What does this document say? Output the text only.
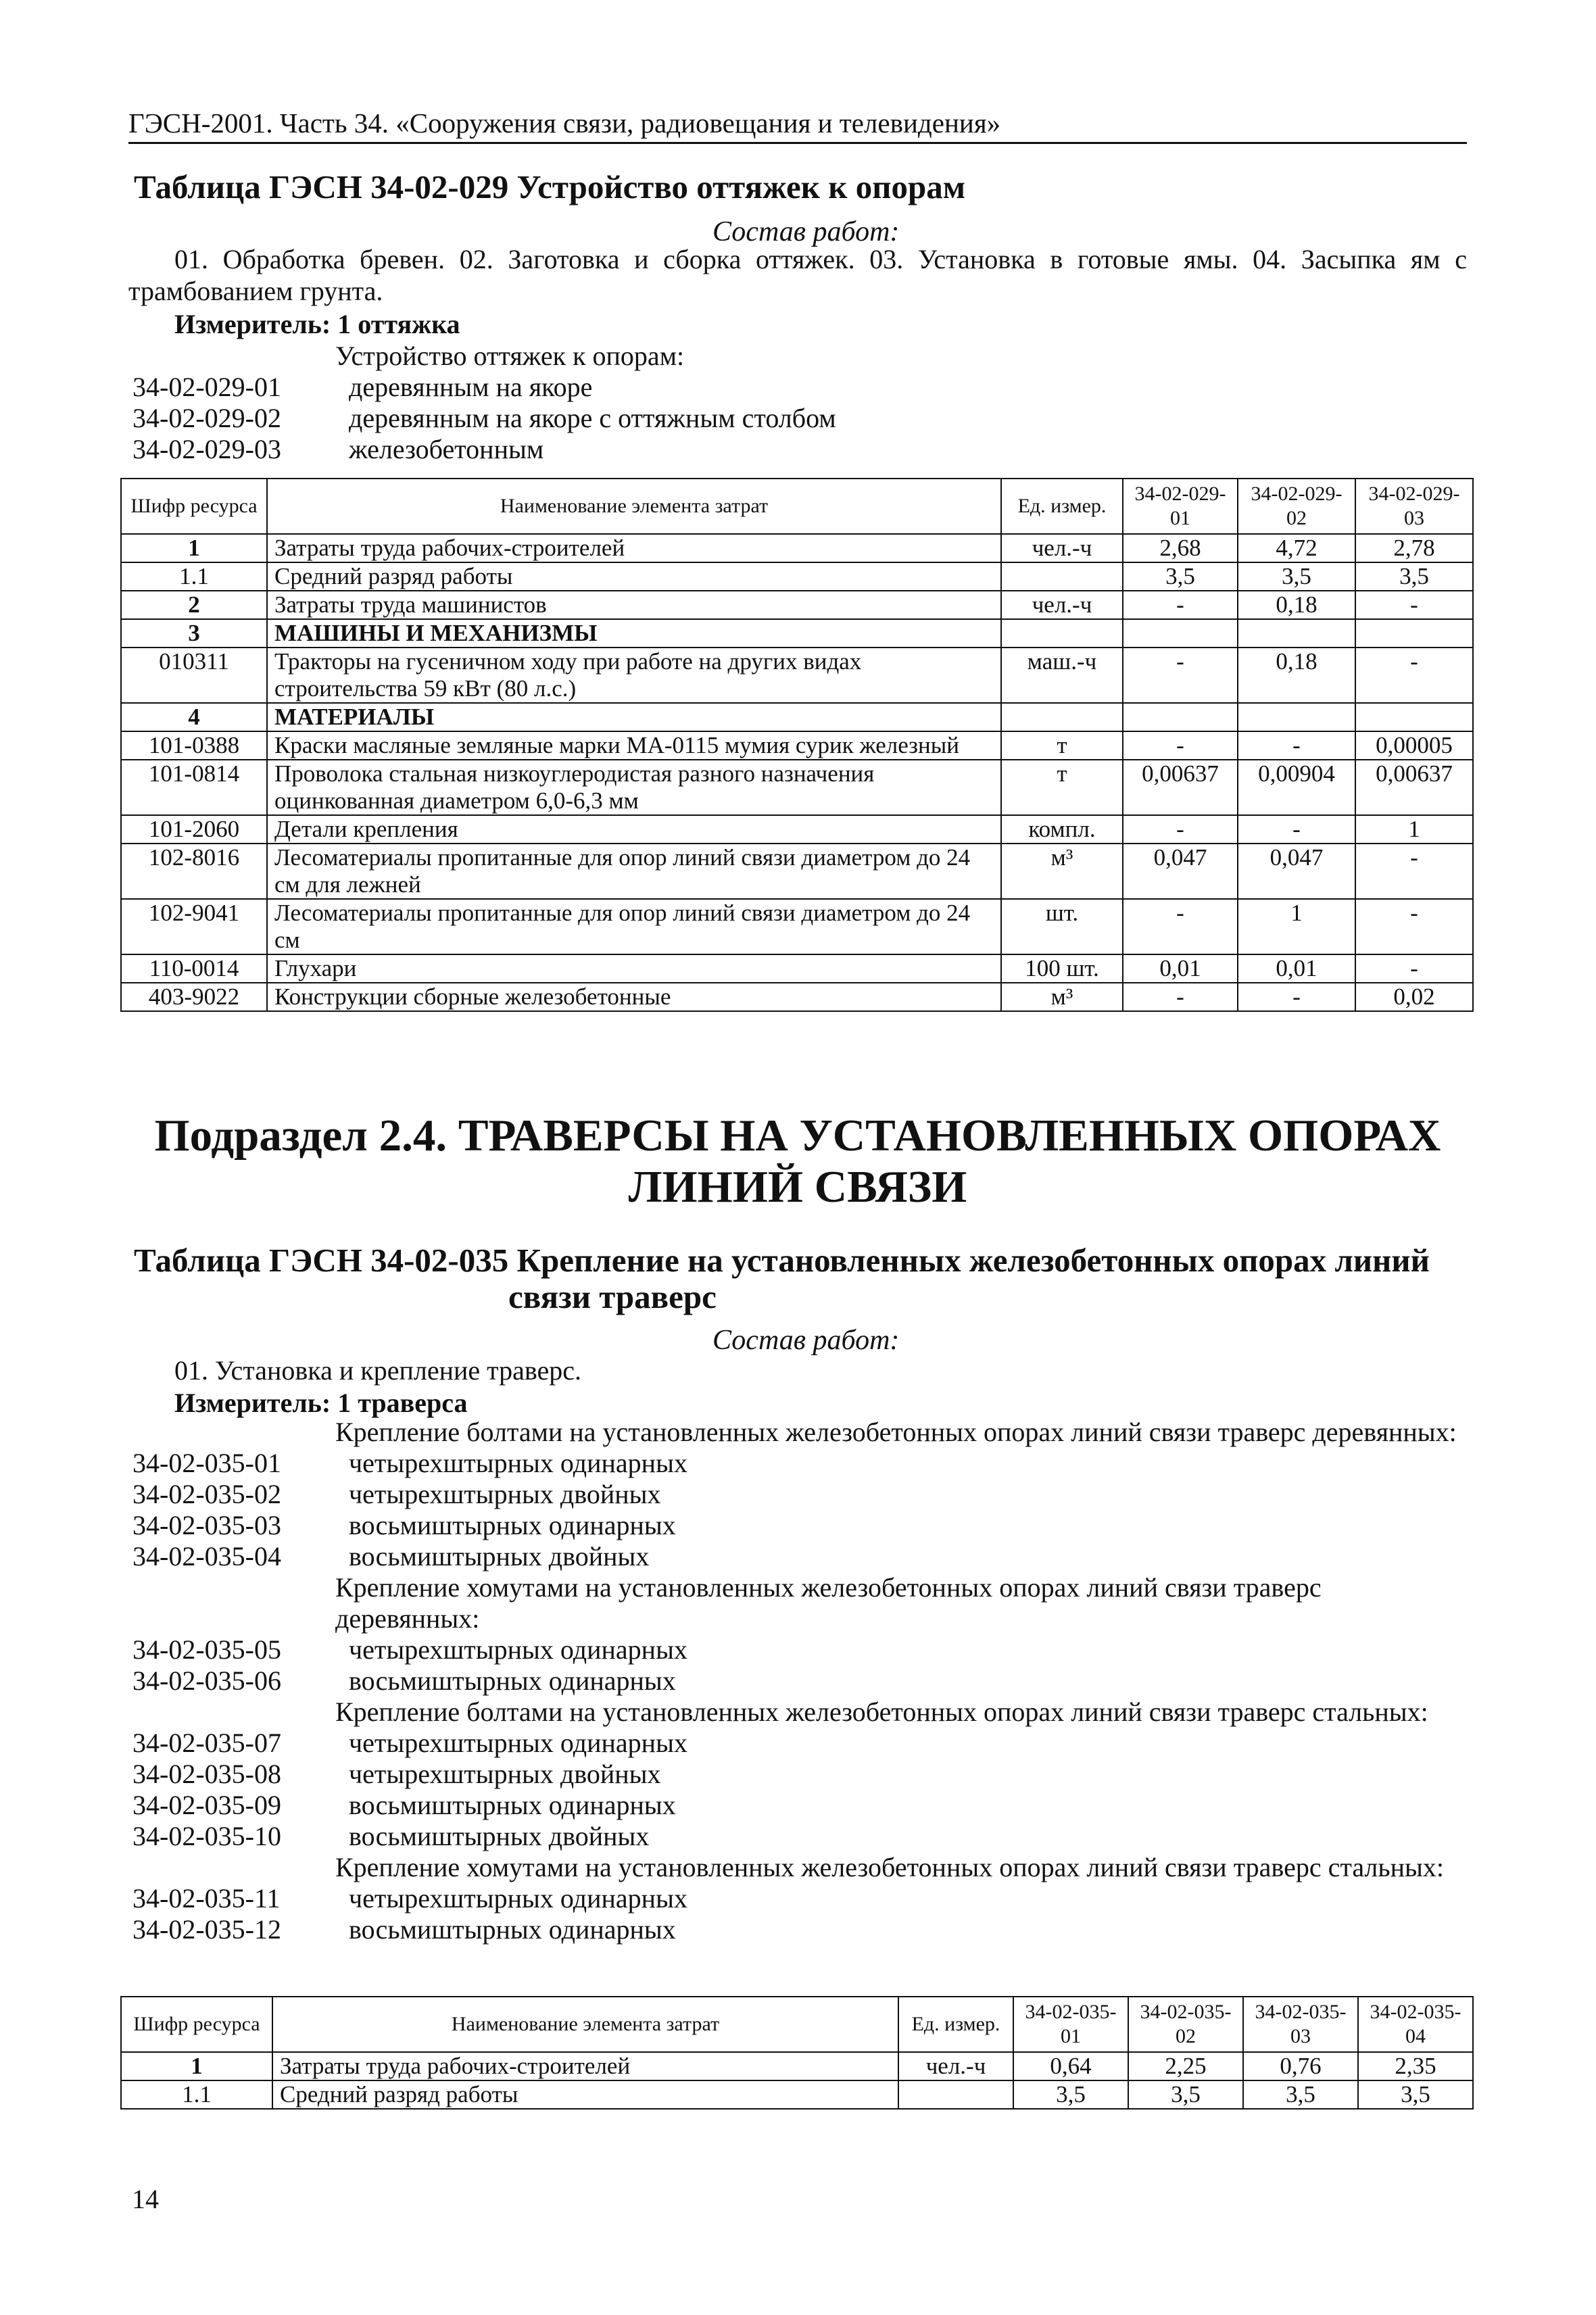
ГЭСН-2001. Часть 34. «Сооружения связи, радиовещания и телевидения»
Таблица ГЭСН 34-02-029 Устройство оттяжек к опорам
Состав работ:
01. Обработка бревен. 02. Заготовка и сборка оттяжек. 03. Установка в готовые ямы. 04. Засыпка ям с трамбованием грунта.
Измеритель: 1 оттяжка
Устройство оттяжек к опорам:
34-02-029-01	деревянным на якоре
34-02-029-02	деревянным на якоре с оттяжным столбом
34-02-029-03	железобетонным
Шифр ресурса	Наименование элемента затрат	Ед. измер.	34-02-029-01	34-02-029-02	34-02-029-03
1	Затраты труда рабочих-строителей	чел.-ч	2,68	4,72	2,78
1.1	Средний разряд работы		3,5	3,5	3,5
2	Затраты труда машинистов	чел.-ч	-	0,18	-
3	МАШИНЫ И МЕХАНИЗМЫ				
010311	Тракторы на гусеничном ходу при работе на других видах строительства 59 кВт (80 л.с.)	маш.-ч	-	0,18	-
4	МАТЕРИАЛЫ				
101-0388	Краски масляные земляные марки МА-0115 мумия сурик железный	т	-	-	0,00005
101-0814	Проволока стальная низкоуглеродистая разного назначения оцинкованная диаметром 6,0-6,3 мм	т	0,00637	0,00904	0,00637
101-2060	Детали крепления	компл.	-	-	1
102-8016	Лесоматериалы пропитанные для опор линий связи диаметром до 24 см для лежней	м³	0,047	0,047	-
102-9041	Лесоматериалы пропитанные для опор линий связи диаметром до 24 см	шт.	-	1	-
110-0014	Глухари	100 шт.	0,01	0,01	-
403-9022	Конструкции сборные железобетонные	м³	-	-	0,02
Подраздел 2.4. ТРАВЕРСЫ НА УСТАНОВЛЕННЫХ ОПОРАХ ЛИНИЙ СВЯЗИ
Таблица ГЭСН 34-02-035 Крепление на установленных железобетонных опорах линий
связи траверс
Состав работ:
01. Установка и крепление траверс.
Измеритель: 1 траверса
Крепление болтами на установленных железобетонных опорах линий связи траверс деревянных:
34-02-035-01	четырехштырных одинарных
34-02-035-02	четырехштырных двойных
34-02-035-03	восьмиштырных одинарных
34-02-035-04	восьмиштырных двойных
Крепление хомутами на установленных железобетонных опорах линий связи траверс деревянных:
34-02-035-05	четырехштырных одинарных
34-02-035-06	восьмиштырных одинарных
Крепление болтами на установленных железобетонных опорах линий связи траверс стальных:
34-02-035-07	четырехштырных одинарных
34-02-035-08	четырехштырных двойных
34-02-035-09	восьмиштырных одинарных
34-02-035-10	восьмиштырных двойных
Крепление хомутами на установленных железобетонных опорах линий связи траверс стальных:
34-02-035-11	четырехштырных одинарных
34-02-035-12	восьмиштырных одинарных
Шифр ресурса	Наименование элемента затрат	Ед. измер.	34-02-035-01	34-02-035-02	34-02-035-03	34-02-035-04
1	Затраты труда рабочих-строителей	чел.-ч	0,64	2,25	0,76	2,35
1.1	Средний разряд работы		3,5	3,5	3,5	3,5
14
